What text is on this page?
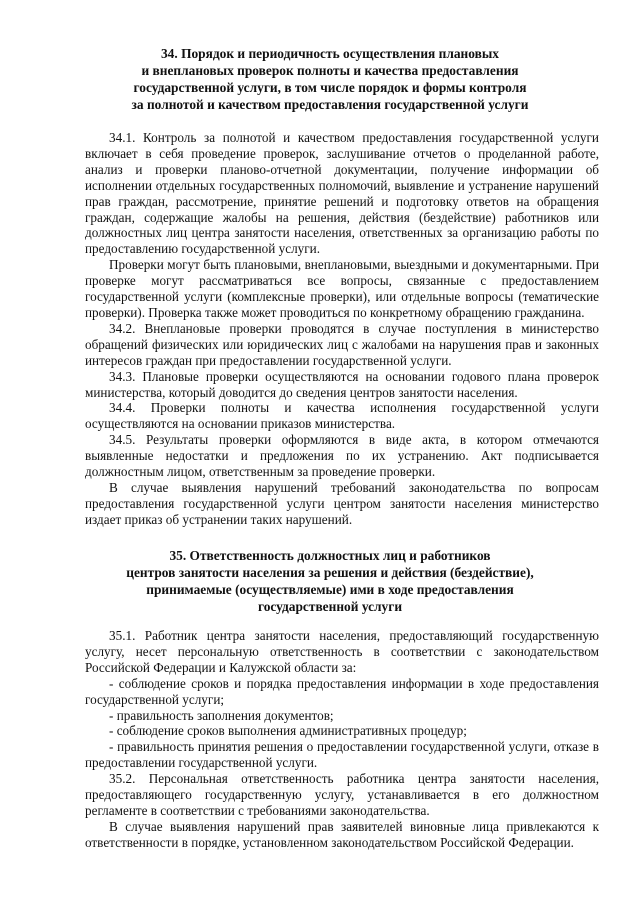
34. Порядок и периодичность осуществления плановых
и внеплановых проверок полноты и качества предоставления
государственной услуги, в том числе порядок и формы контроля
за полнотой и качеством предоставления государственной услуги

34.1. Контроль за полнотой и качеством предоставления государственной услуги включает в себя проведение проверок, заслушивание отчетов о проделанной работе, анализ и проверки планово-отчетной документации, получение информации об исполнении отдельных государственных полномочий, выявление и устранение нарушений прав граждан, рассмотрение, принятие решений и подготовку ответов на обращения граждан, содержащие жалобы на решения, действия (бездействие) работников или должностных лиц центра занятости населения, ответственных за организацию работы по предоставлению государственной услуги.

Проверки могут быть плановыми, внеплановыми, выездными и документарными. При проверке могут рассматриваться все вопросы, связанные с предоставлением государственной услуги (комплексные проверки), или отдельные вопросы (тематические проверки). Проверка также может проводиться по конкретному обращению гражданина.

34.2. Внеплановые проверки проводятся в случае поступления в министерство обращений физических или юридических лиц с жалобами на нарушения прав и законных интересов граждан при предоставлении государственной услуги.

34.3. Плановые проверки осуществляются на основании годового плана проверок министерства, который доводится до сведения центров занятости населения.

34.4. Проверки полноты и качества исполнения государственной услуги осуществляются на основании приказов министерства.

34.5. Результаты проверки оформляются в виде акта, в котором отмечаются выявленные недостатки и предложения по их устранению. Акт подписывается должностным лицом, ответственным за проведение проверки.

В случае выявления нарушений требований законодательства по вопросам предоставления государственной услуги центром занятости населения министерство издает приказ об устранении таких нарушений.

35. Ответственность должностных лиц и работников
центров занятости населения за решения и действия (бездействие),
принимаемые (осуществляемые) ими в ходе предоставления
государственной услуги

35.1. Работник центра занятости населения, предоставляющий государственную услугу, несет персональную ответственность в соответствии с законодательством Российской Федерации и Калужской области за:

- соблюдение сроков и порядка предоставления информации в ходе предоставления государственной услуги;

- правильность заполнения документов;

- соблюдение сроков выполнения административных процедур;

- правильность принятия решения о предоставлении государственной услуги, отказе в предоставлении государственной услуги.

35.2. Персональная ответственность работника центра занятости населения, предоставляющего государственную услугу, устанавливается в его должностном регламенте в соответствии с требованиями законодательства.

В случае выявления нарушений прав заявителей виновные лица привлекаются к ответственности в порядке, установленном законодательством Российской Федерации.
